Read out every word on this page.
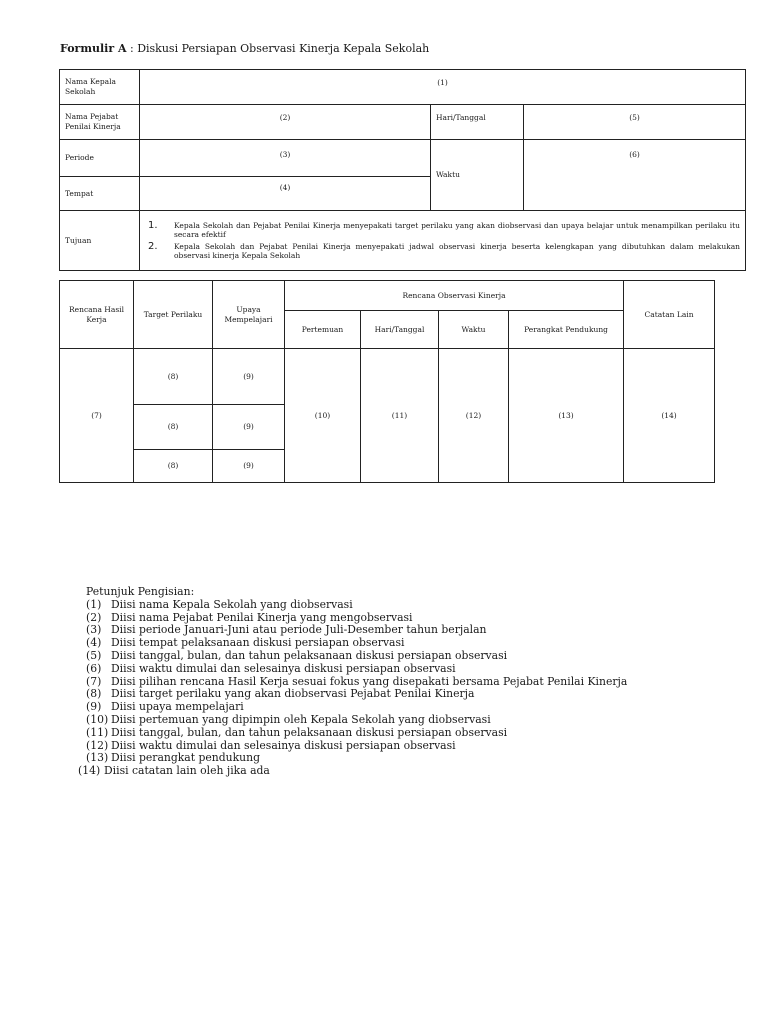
Formulir A : Diskusi Persiapan Observasi Kinerja Kepala Sekolah
Nama Kepala Sekolah	(1)		
Nama Pejabat Penilai Kinerja	(2)	Hari/Tanggal	(5)
Periode	(3)	Waktu	(6)
Tempat	(4)		
Tujuan	1. Kepala Sekolah dan Pejabat Penilai Kinerja menyepakati target perilaku yang akan diobservasi dan upaya belajar untuk menampilkan perilaku itu secara efektif
2. Kepala Sekolah dan Pejabat Penilai Kinerja menyepakati jadwal observasi kinerja beserta kelengkapan yang dibutuhkan dalam melakukan observasi kinerja Kepala Sekolah		
Rencana Hasil Kerja	Target Perilaku	Upaya Mempelajari	Rencana Observasi Kinerja				Catatan Lain
			Pertemuan	Hari/Tanggal	Waktu	Perangkat Pendukung	
(7)	(8)	(9)	(10)	(11)	(12)	(13)	(14)
	(8)	(9)					
	(8)	(9)					
Petunjuk Pengisian:
(1) Diisi nama Kepala Sekolah yang diobservasi
(2) Diisi nama Pejabat Penilai Kinerja yang mengobservasi
(3) Diisi periode Januari-Juni atau periode Juli-Desember tahun berjalan
(4) Diisi tempat pelaksanaan diskusi persiapan observasi
(5) Diisi tanggal, bulan, dan tahun pelaksanaan diskusi persiapan observasi
(6) Diisi waktu dimulai dan selesainya diskusi persiapan observasi
(7) Diisi pilihan rencana Hasil Kerja sesuai fokus yang disepakati bersama Pejabat Penilai Kinerja
(8) Diisi target perilaku yang akan diobservasi Pejabat Penilai Kinerja
(9) Diisi upaya mempelajari
(10) Diisi pertemuan yang dipimpin oleh Kepala Sekolah yang diobservasi
(11) Diisi tanggal, bulan, dan tahun pelaksanaan diskusi persiapan observasi
(12) Diisi waktu dimulai dan selesainya diskusi persiapan observasi
(13) Diisi perangkat pendukung
(14) Diisi catatan lain oleh jika ada
